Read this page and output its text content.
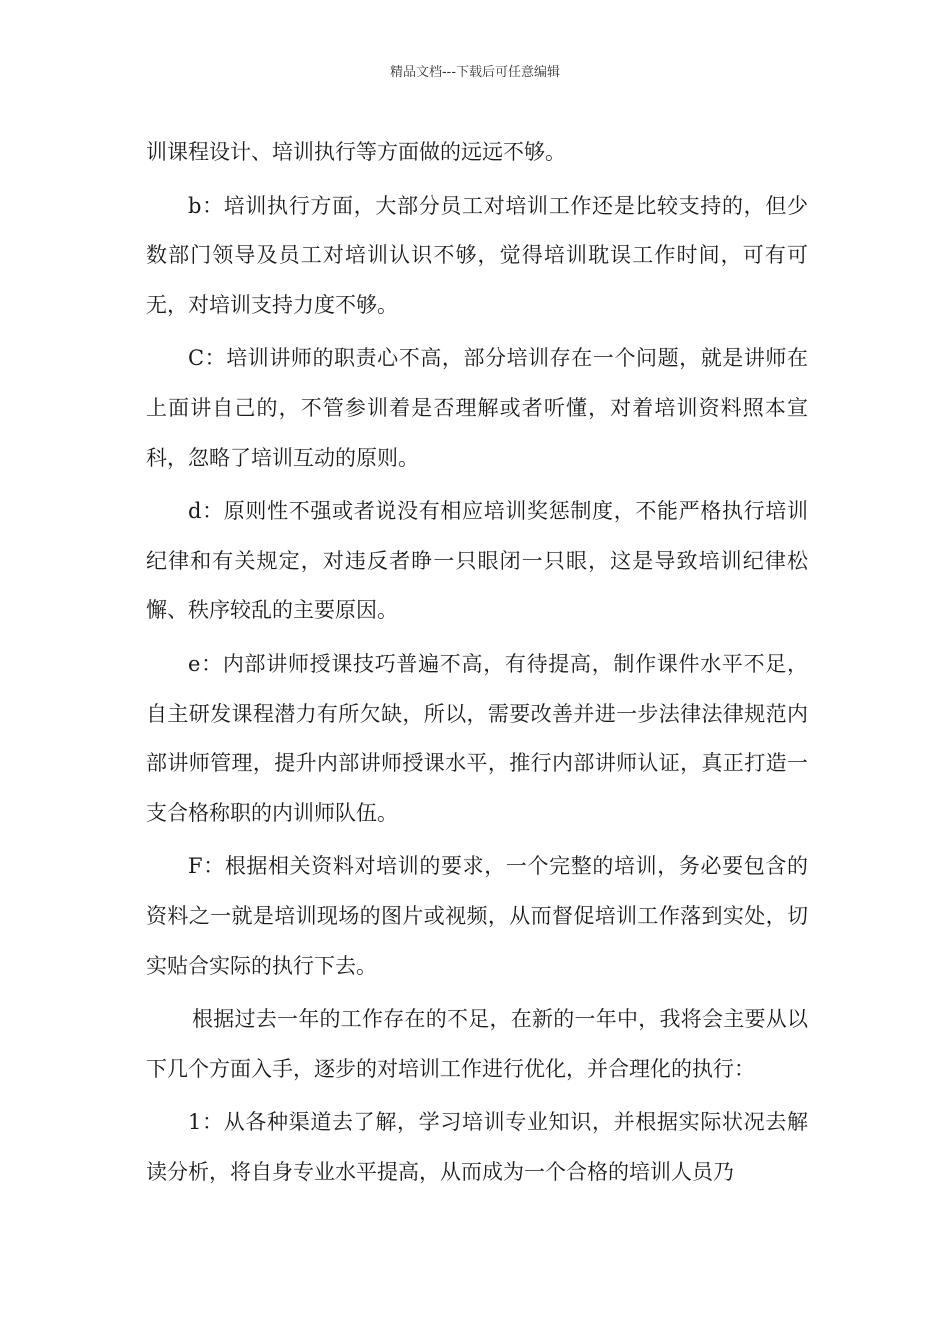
精品文档---下载后可任意编辑

训课程设计、培训执行等方面做的远远不够。

b：培训执行方面，大部分员工对培训工作还是比较支持的，但少数部门领导及员工对培训认识不够，觉得培训耽误工作时间，可有可无，对培训支持力度不够。

C：培训讲师的职责心不高，部分培训存在一个问题，就是讲师在上面讲自己的，不管参训着是否理解或者听懂，对着培训资料照本宣科，忽略了培训互动的原则。

d：原则性不强或者说没有相应培训奖惩制度，不能严格执行培训纪律和有关规定，对违反者睁一只眼闭一只眼，这是导致培训纪律松懈、秩序较乱的主要原因。

e：内部讲师授课技巧普遍不高，有待提高，制作课件水平不足，自主研发课程潜力有所欠缺，所以，需要改善并进一步法律法律规范内部讲师管理，提升内部讲师授课水平，推行内部讲师认证，真正打造一支合格称职的内训师队伍。

F：根据相关资料对培训的要求，一个完整的培训，务必要包含的资料之一就是培训现场的图片或视频，从而督促培训工作落到实处，切实贴合实际的执行下去。

根据过去一年的工作存在的不足，在新的一年中，我将会主要从以下几个方面入手，逐步的对培训工作进行优化，并合理化的执行：

1：从各种渠道去了解，学习培训专业知识，并根据实际状况去解读分析，将自身专业水平提高，从而成为一个合格的培训人员乃
